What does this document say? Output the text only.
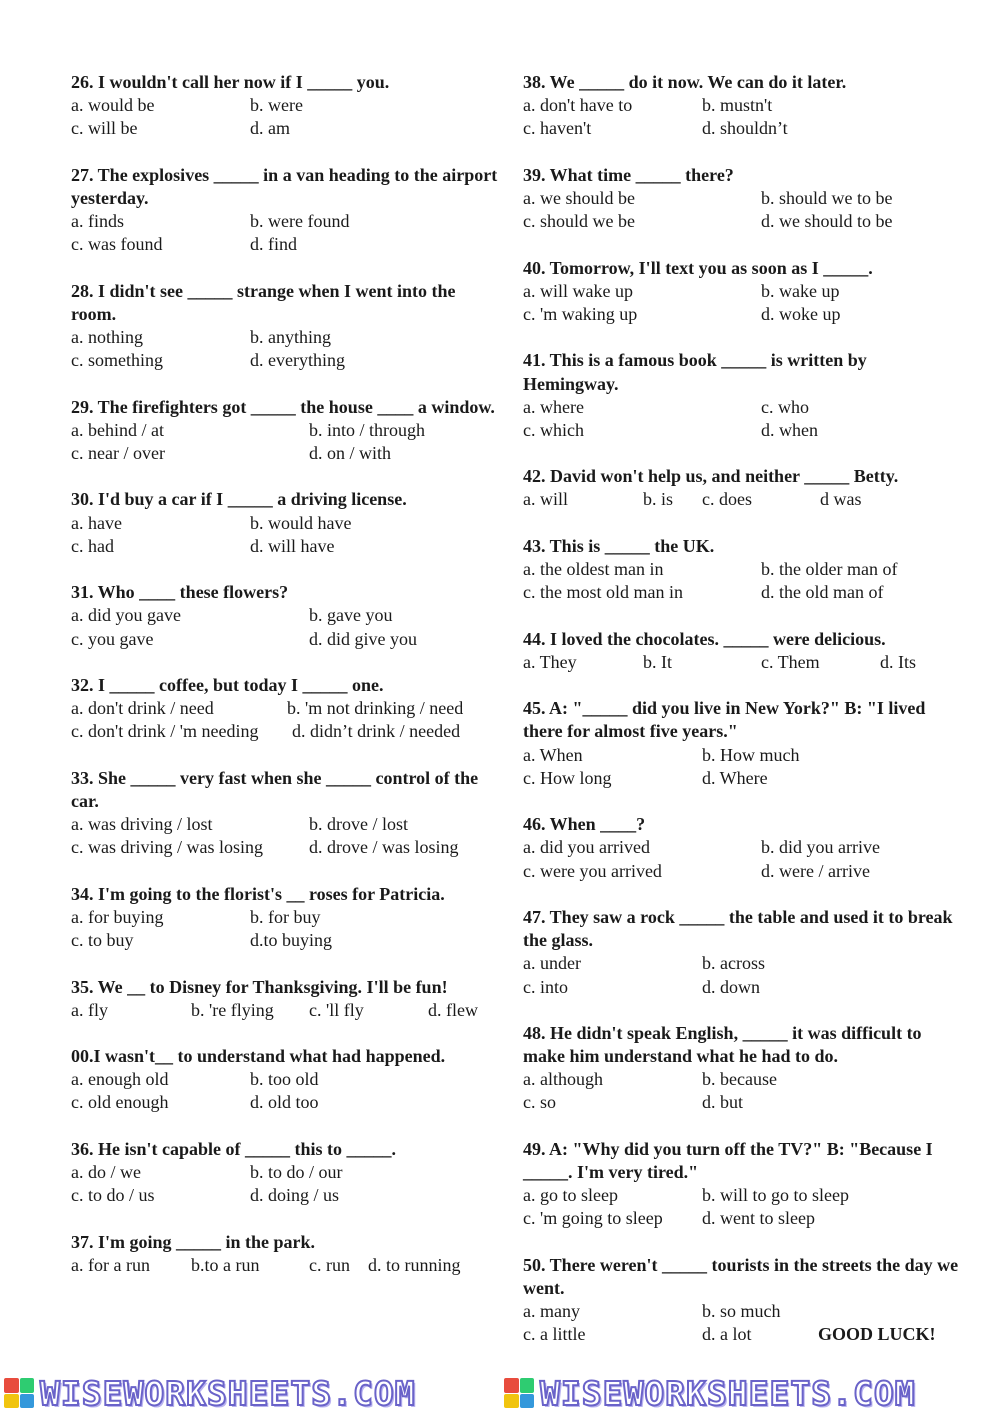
26. I wouldn't call her now if I _____ you.
a. would be	b. were
c. will be	d. am
27. The explosives _____ in a van heading to the airport yesterday.
a. finds	b. were found
c. was found	d. find
28. I didn't see _____ strange when I went into the room.
a. nothing	b. anything
c. something	d. everything
29. The firefighters got _____ the house ____ a window.
a. behind / at	b. into / through
c. near / over	d. on / with
30. I'd buy a car if I _____ a driving license.
a. have	b. would have
c. had	d. will have
31. Who ____ these flowers?
a. did you gave	b. gave you
c. you gave	d. did give you
32. I _____ coffee, but today I _____ one.
a. don't drink / need	b. 'm not drinking / need
c. don't drink / 'm needing d. didn’t drink / needed
33. She _____ very fast when she _____ control of the car.
a. was driving / lost	b. drove / lost
c. was driving / was losing	d. drove / was losing
34. I'm going to the florist's __ roses for Patricia.
a. for buying	b. for buy
c. to buy	d.to buying
35. We __ to Disney for Thanksgiving. I'll be fun!
a. fly	b. 're flying c. 'll fly	d. flew
00.I wasn't__ to understand what had happened.
a. enough old	b. too old
c. old enough	d. old too
36. He isn't capable of _____ this to _____.
a. do / we	b. to do / our
c. to do / us	d. doing / us
37. I'm going _____ in the park.
a. for a run b.to a run	c. run d. to running
38. We _____ do it now. We can do it later.
a. don't have to	b. mustn't
c. haven't	d. shouldn’t
39. What time _____ there?
a. we should be	b. should we to be
c. should we be	d. we should to be
40. Tomorrow, I'll text you as soon as I _____.
a. will wake up	b. wake up
c. 'm waking up	d. woke up
41. This is a famous book _____ is written by Hemingway.
a. where	c. who
c. which	d. when
42. David won't help us, and neither _____ Betty.
a. will	b. is c. does	d was
43. This is _____ the UK.
a. the oldest man in	b. the older man of
c. the most old man in	d. the old man of
44. I loved the chocolates. _____ were delicious.
a. They	b. It	c. Them	d. Its
45. A: "_____ did you live in New York?" B: "I lived there for almost five years."
a. When	b. How much
c. How long	d. Where
46. When ____?
a. did you arrived	b. did you arrive
c. were you arrived	d. were / arrive
47. They saw a rock _____ the table and used it to break the glass.
a. under	b. across
c. into	d. down
48. He didn't speak English, _____ it was difficult to make him understand what he had to do.
a. although	b. because
c. so	d. but
49. A: "Why did you turn off the TV?" B: "Because I _____. I'm very tired."
a. go to sleep	b. will to go to sleep
c. 'm going to sleep d. went to sleep
50. There weren't _____ tourists in the streets the day we went.
a. many	b. so much
c. a little	d. a lot	GOOD LUCK!
WISEWORKSHEETS.COM	WISEWORKSHEETS.COM
